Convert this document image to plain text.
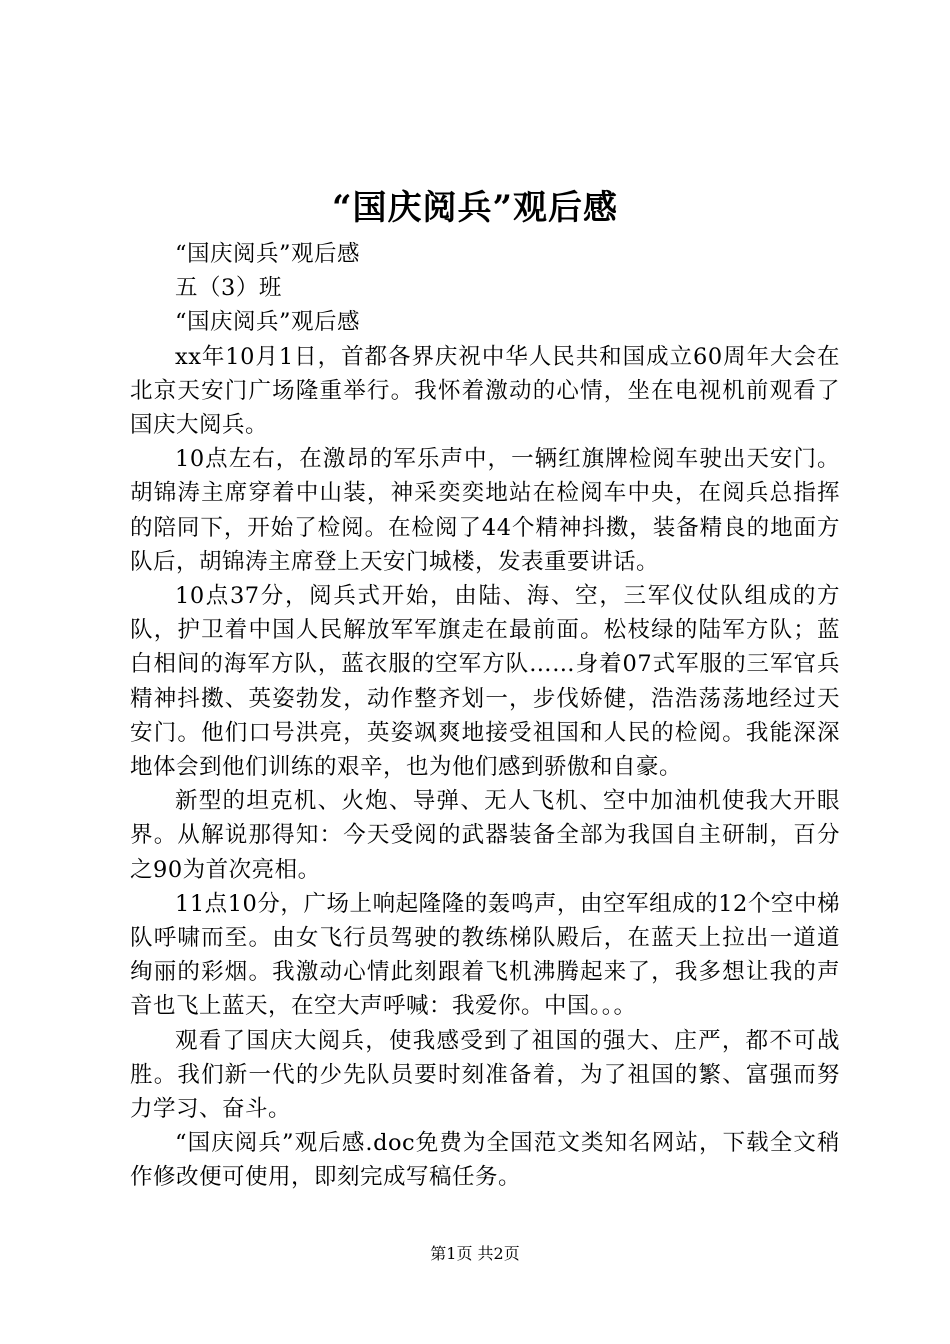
“国庆阅兵”观后感

“国庆阅兵”观后感

五（3）班

“国庆阅兵”观后感

xx年10月1日，首都各界庆祝中华人民共和国成立60周年大会在北京天安门广场隆重举行。我怀着激动的心情，坐在电视机前观看了国庆大阅兵。

10点左右，在激昂的军乐声中，一辆红旗牌检阅车驶出天安门。胡锦涛主席穿着中山装，神采奕奕地站在检阅车中央，在阅兵总指挥的陪同下，开始了检阅。在检阅了44个精神抖擞，装备精良的地面方队后，胡锦涛主席登上天安门城楼，发表重要讲话。

10点37分，阅兵式开始，由陆、海、空，三军仪仗队组成的方队，护卫着中国人民解放军军旗走在最前面。松枝绿的陆军方队；蓝白相间的海军方队，蓝衣服的空军方队……身着07式军服的三军官兵精神抖擞、英姿勃发，动作整齐划一，步伐娇健，浩浩荡荡地经过天安门。他们口号洪亮，英姿飒爽地接受祖国和人民的检阅。我能深深地体会到他们训练的艰辛，也为他们感到骄傲和自豪。

新型的坦克机、火炮、导弹、无人飞机、空中加油机使我大开眼界。从解说那得知：今天受阅的武器装备全部为我国自主研制，百分之90为首次亮相。

11点10分，广场上响起隆隆的轰鸣声，由空军组成的12个空中梯队呼啸而至。由女飞行员驾驶的教练梯队殿后，在蓝天上拉出一道道绚丽的彩烟。我激动心情此刻跟着飞机沸腾起来了，我多想让我的声音也飞上蓝天，在空大声呼喊：我爱你。中国。。。

观看了国庆大阅兵，使我感受到了祖国的强大、庄严，都不可战胜。我们新一代的少先队员要时刻准备着，为了祖国的繁、富强而努力学习、奋斗。

“国庆阅兵”观后感.doc免费为全国范文类知名网站，下载全文稍作修改便可使用，即刻完成写稿任务。

第1页 共2页
